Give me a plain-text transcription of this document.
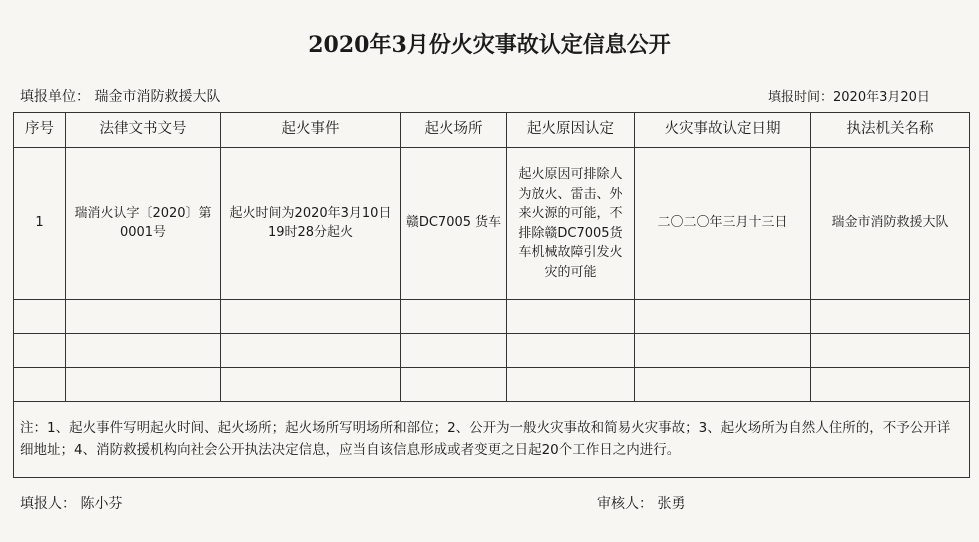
2020年3月份火灾事故认定信息公开
填报单位： 瑞金市消防救援大队	填报时间：2020年3月20日
序号	法律文书文号	起火事件	起火场所	起火原因认定	火灾事故认定日期	执法机关名称
1	瑞消火认字〔2020〕第0001号	起火时间为2020年3月10日19时28分起火	赣DC7005 货车	起火原因可排除人为放火、雷击、外来火源的可能，不排除赣DC7005货车机械故障引发火灾的可能	二〇二〇年三月十三日	瑞金市消防救援大队

注：1、起火事件写明起火时间、起火场所；起火场所写明场所和部位；2、公开为一般火灾事故和简易火灾事故；3、起火场所为自然人住所的，不予公开详细地址；4、消防救援机构向社会公开执法决定信息，应当自该信息形成或者变更之日起20个工作日之内进行。						
填报人： 陈小芬	审核人： 张勇
